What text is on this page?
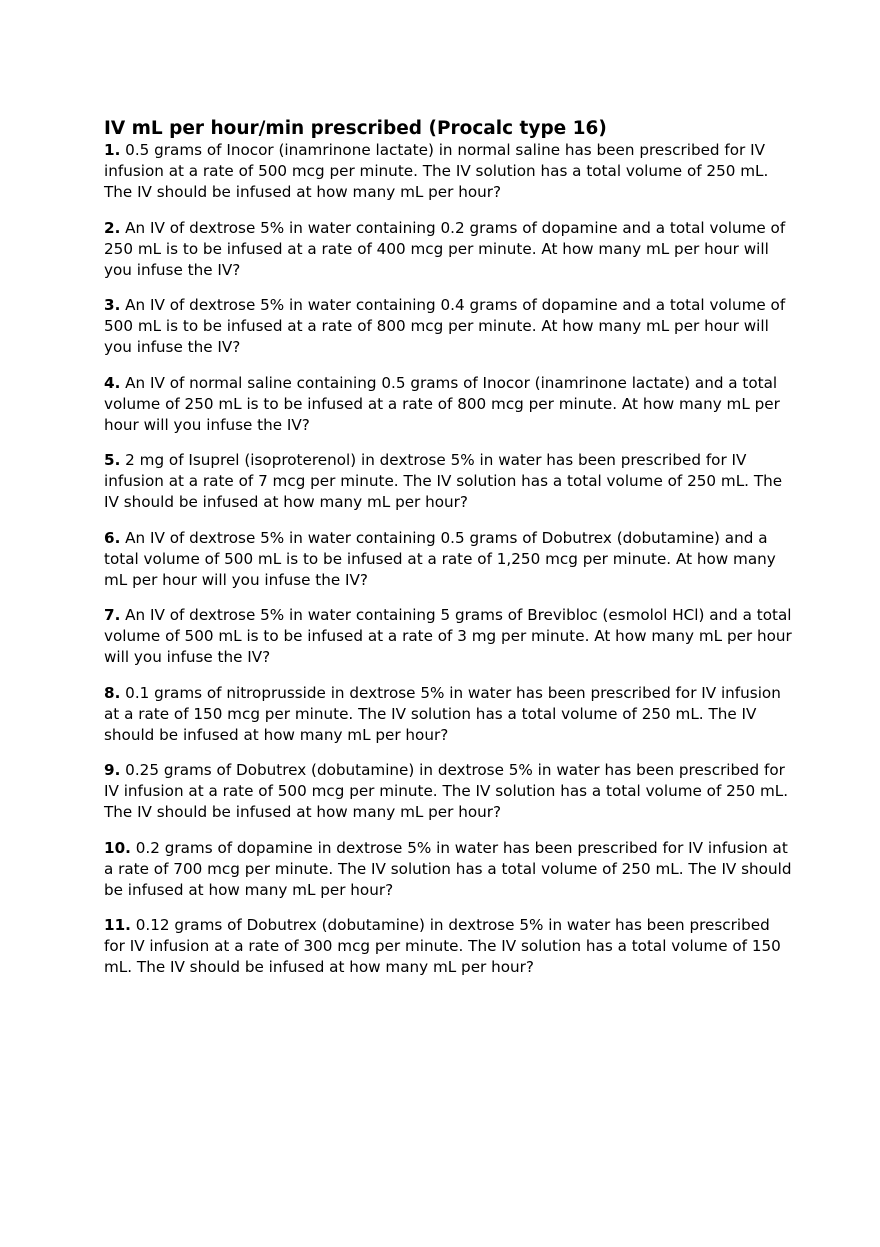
IV mL per hour/min prescribed (Procalc type 16)
1. 0.5 grams of Inocor (inamrinone lactate) in normal saline has been prescribed for IV infusion at a rate of 500 mcg per minute. The IV solution has a total volume of 250 mL. The IV should be infused at how many mL per hour?
2. An IV of dextrose 5% in water containing 0.2 grams of dopamine and a total volume of 250 mL is to be infused at a rate of 400 mcg per minute. At how many mL per hour will you infuse the IV?
3. An IV of dextrose 5% in water containing 0.4 grams of dopamine and a total volume of 500 mL is to be infused at a rate of 800 mcg per minute. At how many mL per hour will you infuse the IV?
4. An IV of normal saline containing 0.5 grams of Inocor (inamrinone lactate) and a total volume of 250 mL is to be infused at a rate of 800 mcg per minute. At how many mL per hour will you infuse the IV?
5. 2 mg of Isuprel (isoproterenol) in dextrose 5% in water has been prescribed for IV infusion at a rate of 7 mcg per minute. The IV solution has a total volume of 250 mL. The IV should be infused at how many mL per hour?
6. An IV of dextrose 5% in water containing 0.5 grams of Dobutrex (dobutamine) and a total volume of 500 mL is to be infused at a rate of 1,250 mcg per minute. At how many mL per hour will you infuse the IV?
7. An IV of dextrose 5% in water containing 5 grams of Brevibloc (esmolol HCl) and a total volume of 500 mL is to be infused at a rate of 3 mg per minute. At how many mL per hour will you infuse the IV?
8. 0.1 grams of nitroprusside in dextrose 5% in water has been prescribed for IV infusion at a rate of 150 mcg per minute. The IV solution has a total volume of 250 mL. The IV should be infused at how many mL per hour?
9. 0.25 grams of Dobutrex (dobutamine) in dextrose 5% in water has been prescribed for IV infusion at a rate of 500 mcg per minute. The IV solution has a total volume of 250 mL. The IV should be infused at how many mL per hour?
10. 0.2 grams of dopamine in dextrose 5% in water has been prescribed for IV infusion at a rate of 700 mcg per minute. The IV solution has a total volume of 250 mL. The IV should be infused at how many mL per hour?
11. 0.12 grams of Dobutrex (dobutamine) in dextrose 5% in water has been prescribed for IV infusion at a rate of 300 mcg per minute. The IV solution has a total volume of 150 mL. The IV should be infused at how many mL per hour?
